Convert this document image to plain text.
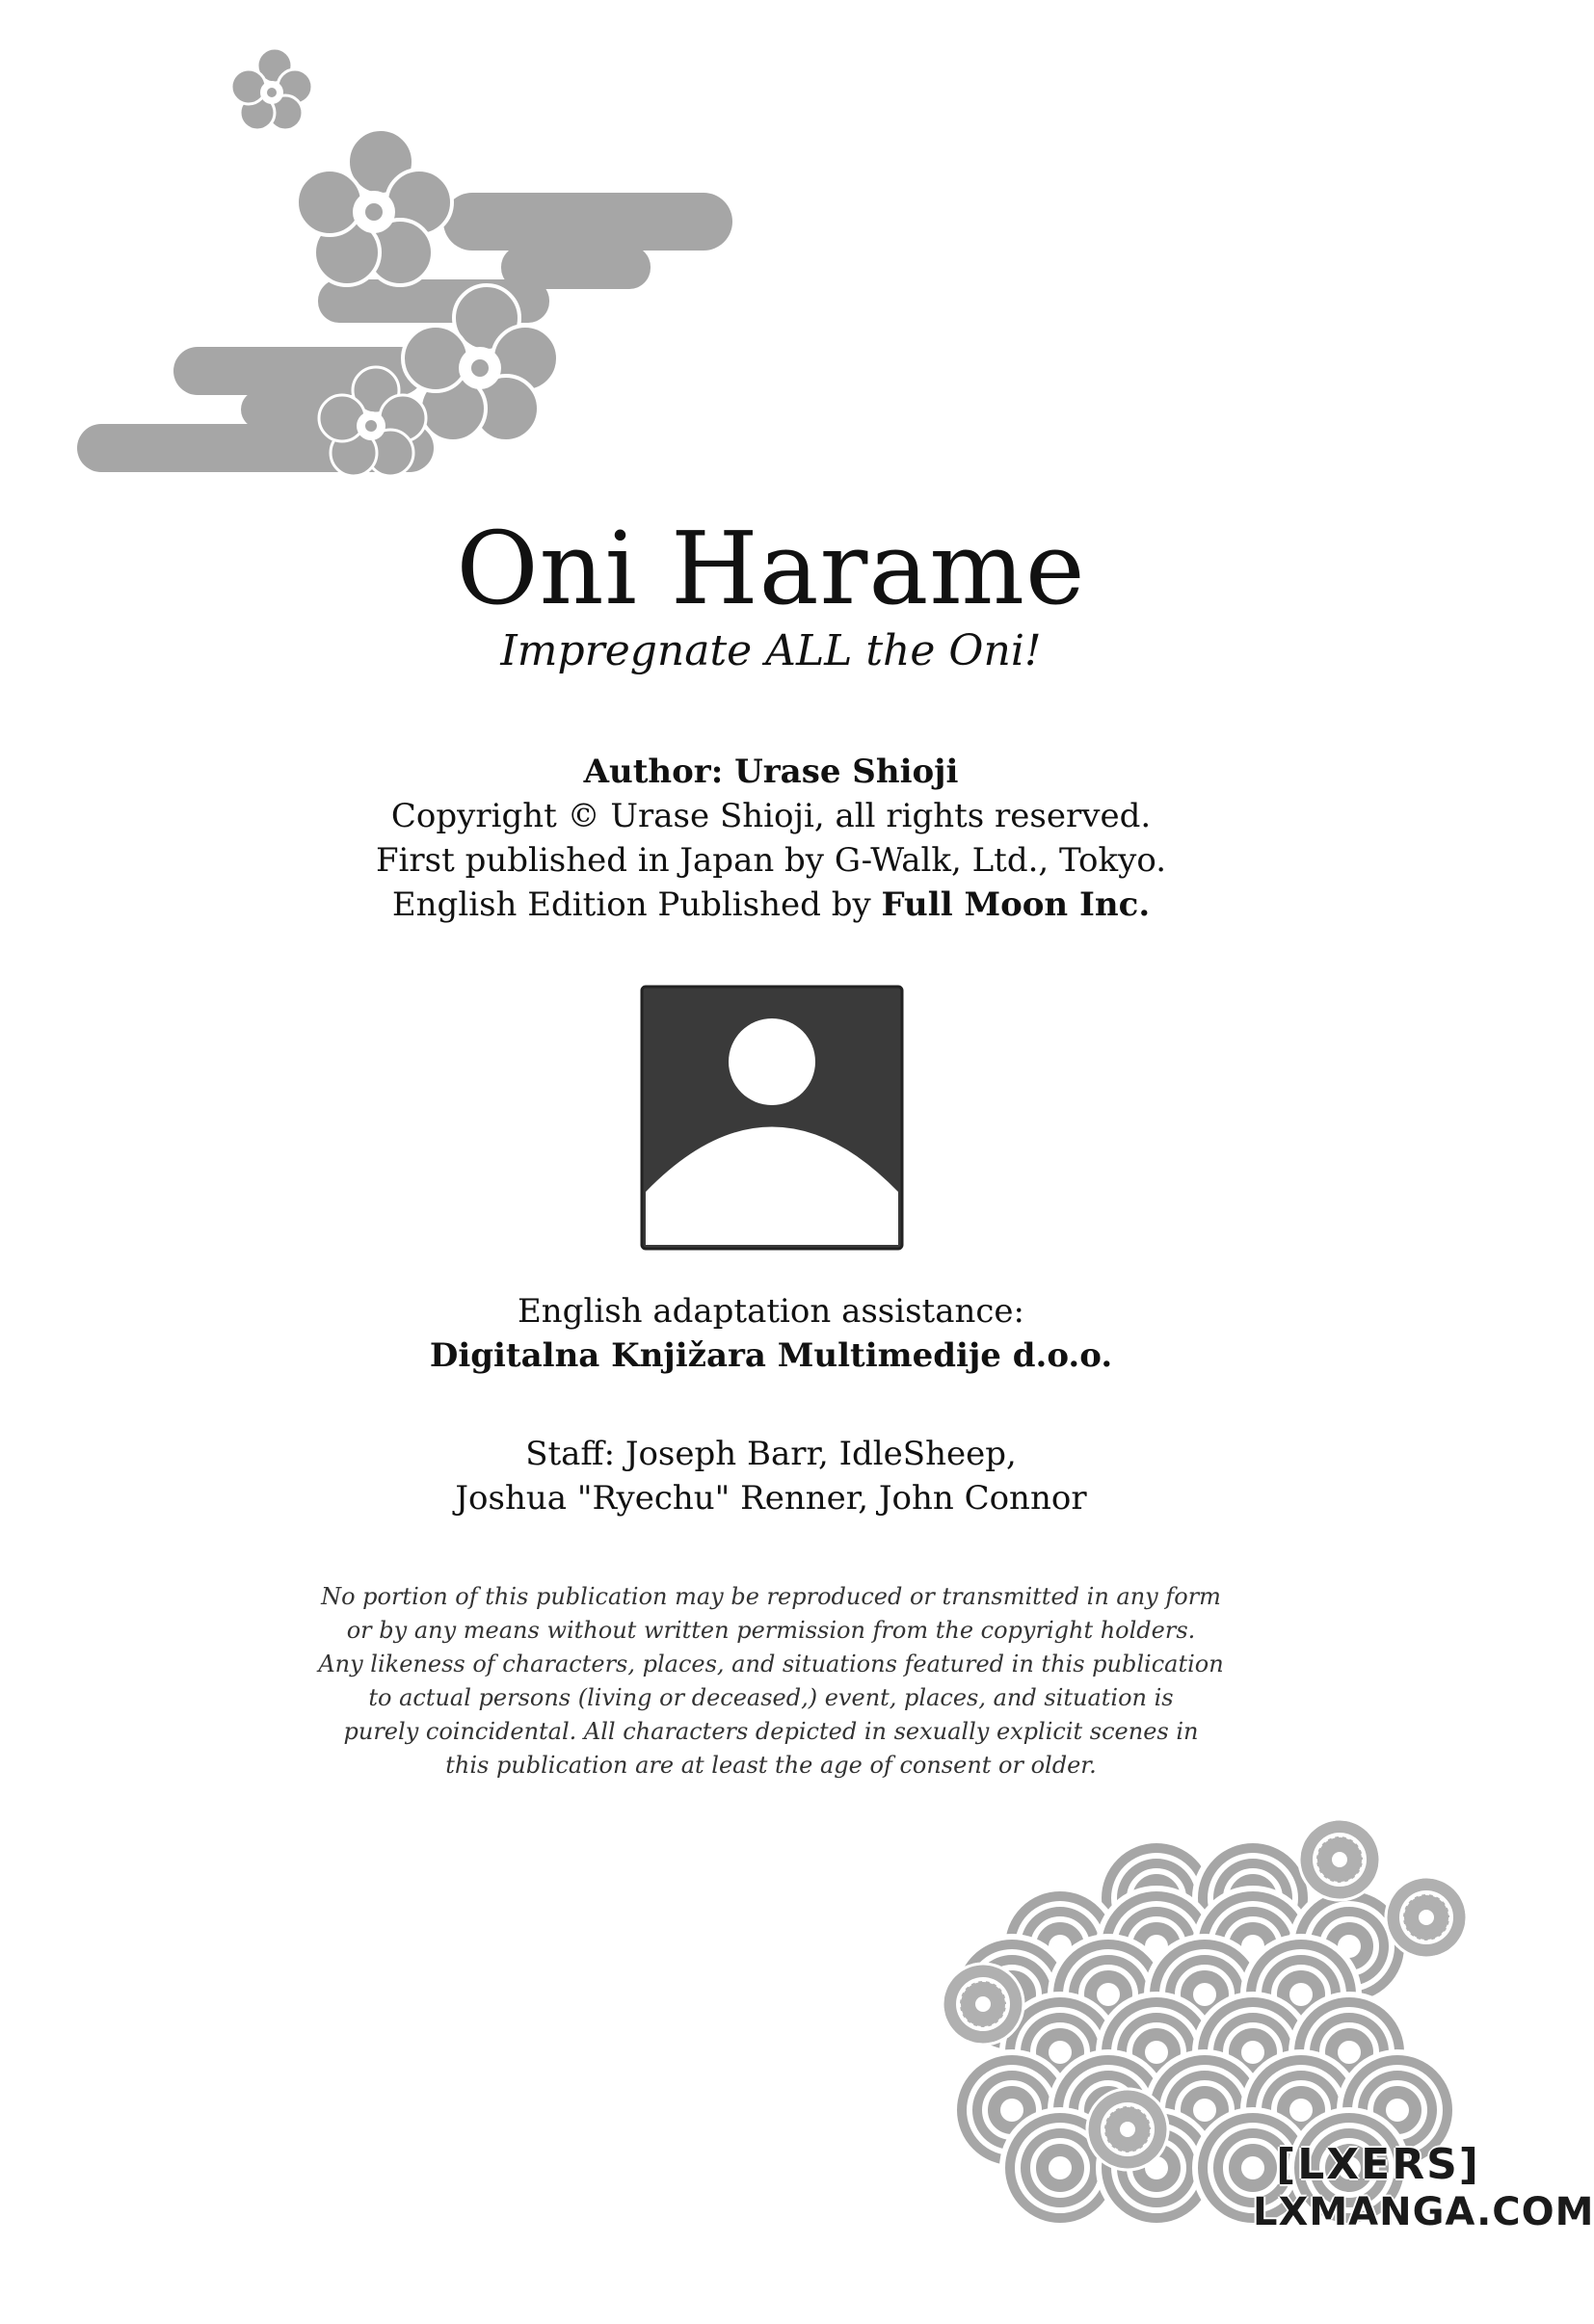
Oni Harame
Impregnate ALL the Oni!
Author: Urase Shioji
Copyright © Urase Shioji, all rights reserved.
First published in Japan by G-Walk, Ltd., Tokyo.
English Edition Published by Full Moon Inc.
English adaptation assistance:
Digitalna Knjižara Multimedije d.o.o.
Staff: Joseph Barr, IdleSheep,
Joshua "Ryechu" Renner, John Connor
No portion of this publication may be reproduced or transmitted in any form
or by any means without written permission from the copyright holders.
Any likeness of characters, places, and situations featured in this publication
to actual persons (living or deceased,) event, places, and situation is
purely coincidental. All characters depicted in sexually explicit scenes in
this publication are at least the age of consent or older.
[LXERS]
LXMANGA.COM
